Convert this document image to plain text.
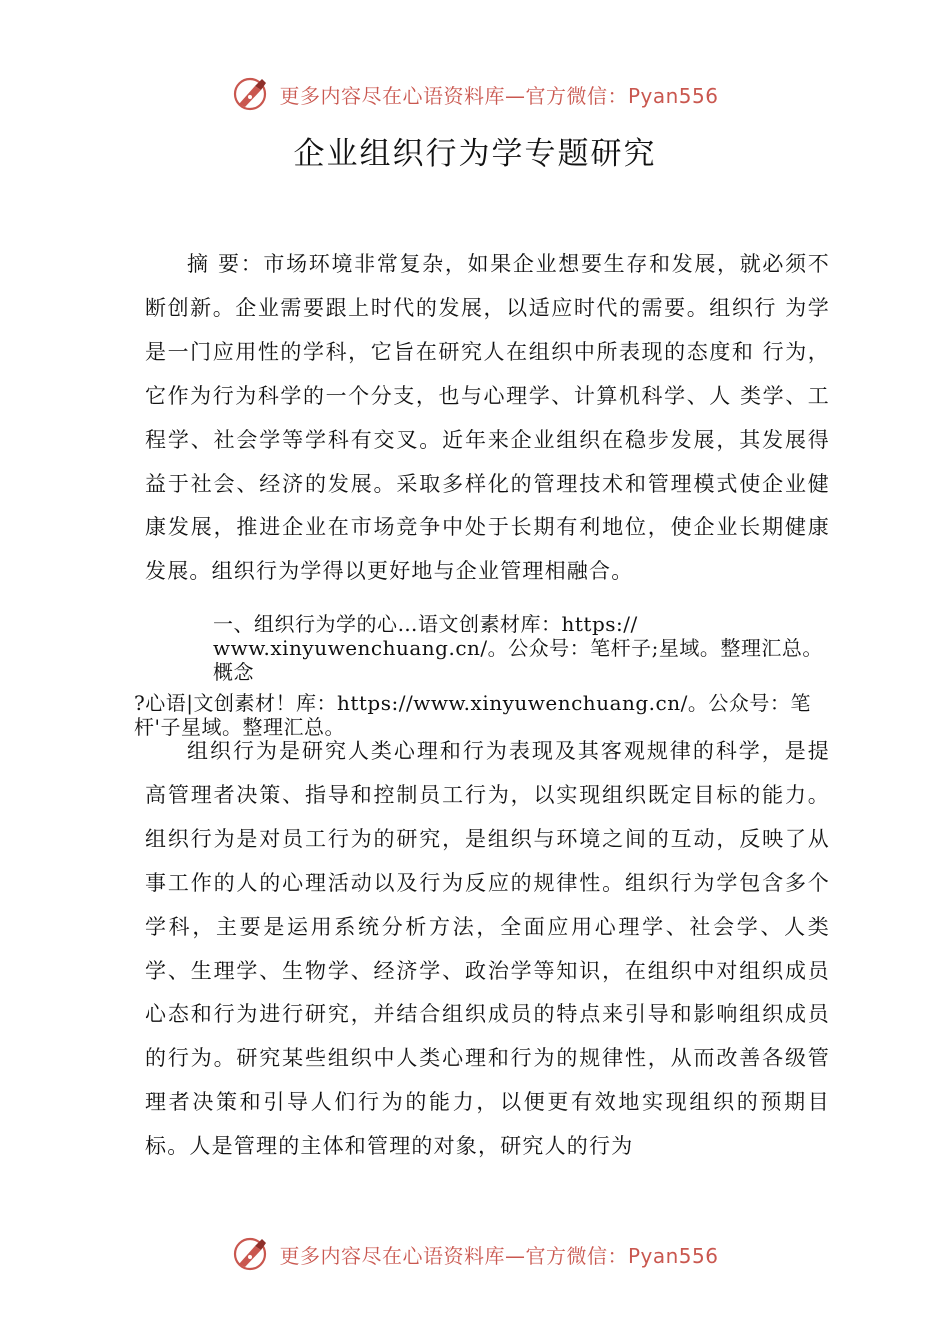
更多内容尽在心语资料库—官方微信：Pyan556
企业组织行为学专题研究

摘 要：市场环境非常复杂，如果企业想要生存和发展，就必须不断创新。企业需要跟上时代的发展，以适应时代的需要。组织行 为学是一门应用性的学科，它旨在研究人在组织中所表现的态度和 行为，它作为行为科学的一个分支，也与心理学、计算机科学、人 类学、工程学、社会学等学科有交叉。近年来企业组织在稳步发展，其发展得益于社会、经济的发展。采取多样化的管理技术和管理模式使企业健康发展，推进企业在市场竞争中处于长期有利地位，使企业长期健康发展。组织行为学得以更好地与企业管理相融合。

一、组织行为学的心…语文创素材库：https://
www.xinyuwenchuang.cn/。公众号：笔杆子;星域。整理汇总。
概念

?心语|文创素材！库：https://www.xinyuwenchuang.cn/。公众号：笔杆'子星域。整理汇总。

组织行为是研究人类心理和行为表现及其客观规律的科学，是提高管理者决策、指导和控制员工行为，以实现组织既定目标的能力。组织行为是对员工行为的研究，是组织与环境之间的互动，反映了从事工作的人的心理活动以及行为反应的规律性。组织行为学包含多个学科，主要是运用系统分析方法，全面应用心理学、社会学、人类学、生理学、生物学、经济学、政治学等知识，在组织中对组织成员心态和行为进行研究，并结合组织成员的特点来引导和影响组织成员的行为。研究某些组织中人类心理和行为的规律性，从而改善各级管理者决策和引导人们行为的能力，以便更有效地实现组织的预期目标。人是管理的主体和管理的对象，研究人的行为

更多内容尽在心语资料库—官方微信：Pyan556
